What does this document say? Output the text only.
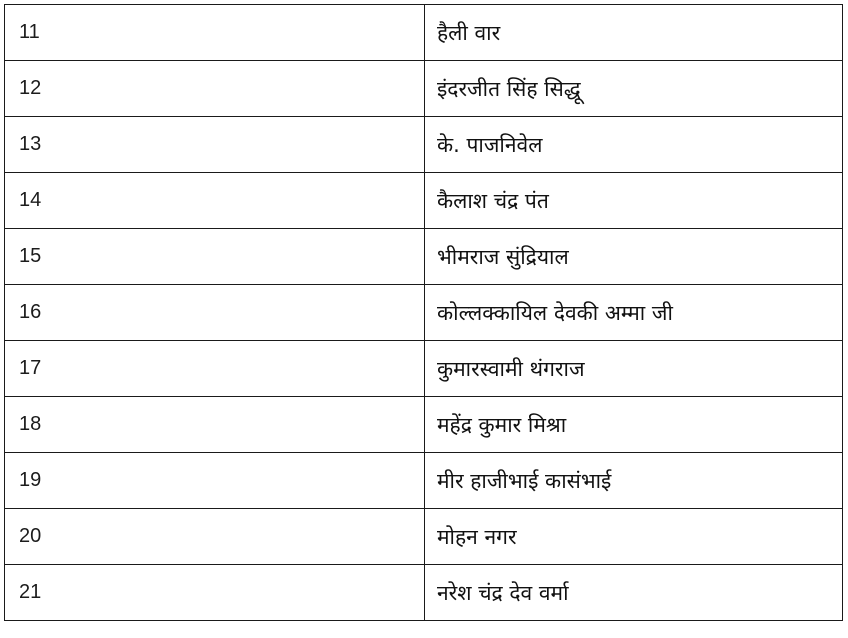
11	हैली वार
12	इंदरजीत सिंह सिद्धू
13	के. पाजनिवेल
14	कैलाश चंद्र पंत
15	भीमराज सुंद्रियाल
16	कोल्लक्कायिल देवकी अम्मा जी
17	कुमारस्वामी थंगराज
18	महेंद्र कुमार मिश्रा
19	मीर हाजीभाई कासंभाई
20	मोहन नगर
21	नरेश चंद्र देव वर्मा
